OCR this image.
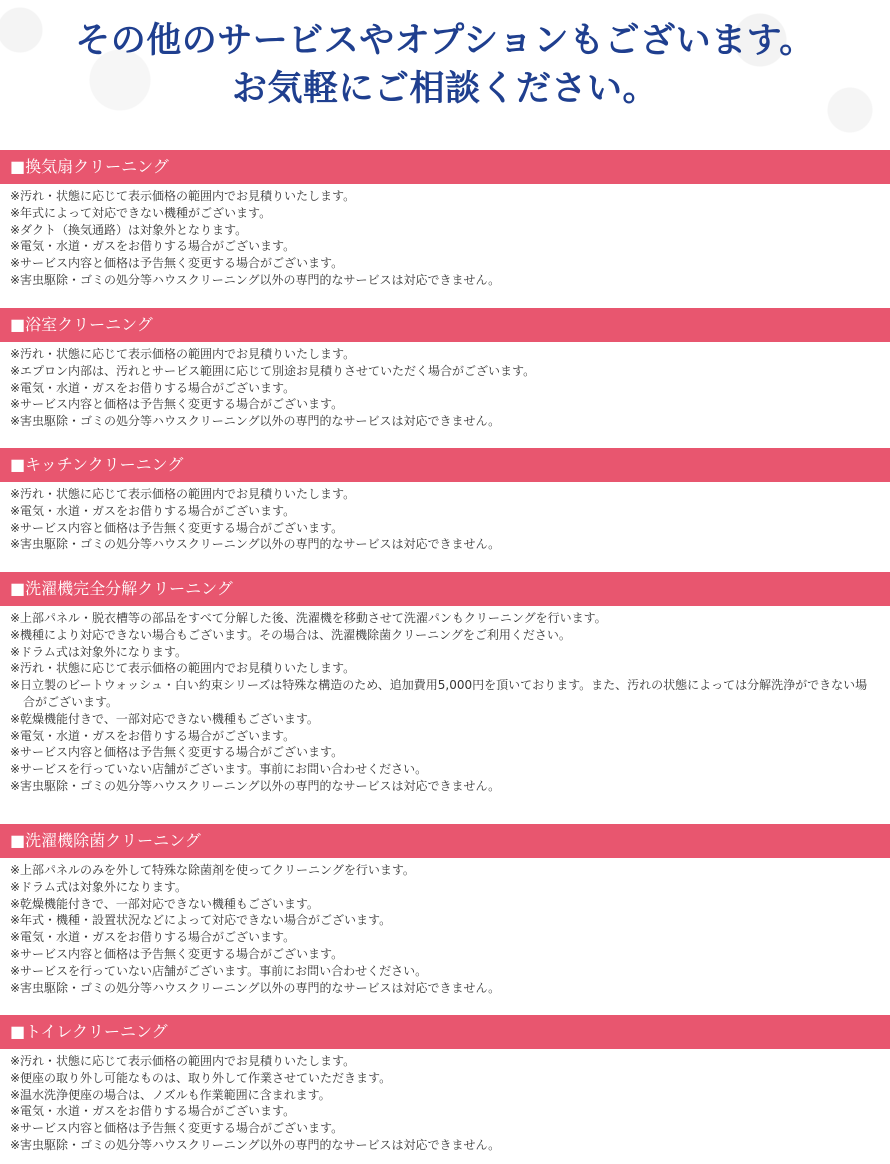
その他のサービスやオプションもございます。
お気軽にご相談ください。
■換気扇クリーニング
※汚れ・状態に応じて表示価格の範囲内でお見積りいたします。
※年式によって対応できない機種がございます。
※ダクト（換気通路）は対象外となります。
※電気・水道・ガスをお借りする場合がございます。
※サービス内容と価格は予告無く変更する場合がございます。
※害虫駆除・ゴミの処分等ハウスクリーニング以外の専門的なサービスは対応できません。
■浴室クリーニング
※汚れ・状態に応じて表示価格の範囲内でお見積りいたします。
※エプロン内部は、汚れとサービス範囲に応じて別途お見積りさせていただく場合がございます。
※電気・水道・ガスをお借りする場合がございます。
※サービス内容と価格は予告無く変更する場合がございます。
※害虫駆除・ゴミの処分等ハウスクリーニング以外の専門的なサービスは対応できません。
■キッチンクリーニング
※汚れ・状態に応じて表示価格の範囲内でお見積りいたします。
※電気・水道・ガスをお借りする場合がございます。
※サービス内容と価格は予告無く変更する場合がございます。
※害虫駆除・ゴミの処分等ハウスクリーニング以外の専門的なサービスは対応できません。
■洗濯機完全分解クリーニング
※上部パネル・脱衣槽等の部品をすべて分解した後、洗濯機を移動させて洗濯パンもクリーニングを行います。
※機種により対応できない場合もございます。その場合は、洗濯機除菌クリーニングをご利用ください。
※ドラム式は対象外になります。
※汚れ・状態に応じて表示価格の範囲内でお見積りいたします。
※日立製のビートウォッシュ・白い約束シリーズは特殊な構造のため、追加費用5,000円を頂いております。また、汚れの状態によっては分解洗浄ができない場合がございます。
※乾燥機能付きで、一部対応できない機種もございます。
※電気・水道・ガスをお借りする場合がございます。
※サービス内容と価格は予告無く変更する場合がございます。
※サービスを行っていない店舗がございます。事前にお問い合わせください。
※害虫駆除・ゴミの処分等ハウスクリーニング以外の専門的なサービスは対応できません。
■洗濯機除菌クリーニング
※上部パネルのみを外して特殊な除菌剤を使ってクリーニングを行います。
※ドラム式は対象外になります。
※乾燥機能付きで、一部対応できない機種もございます。
※年式・機種・設置状況などによって対応できない場合がございます。
※電気・水道・ガスをお借りする場合がございます。
※サービス内容と価格は予告無く変更する場合がございます。
※サービスを行っていない店舗がございます。事前にお問い合わせください。
※害虫駆除・ゴミの処分等ハウスクリーニング以外の専門的なサービスは対応できません。
■トイレクリーニング
※汚れ・状態に応じて表示価格の範囲内でお見積りいたします。
※便座の取り外し可能なものは、取り外して作業させていただきます。
※温水洗浄便座の場合は、ノズルも作業範囲に含まれます。
※電気・水道・ガスをお借りする場合がございます。
※サービス内容と価格は予告無く変更する場合がございます。
※害虫駆除・ゴミの処分等ハウスクリーニング以外の専門的なサービスは対応できません。
